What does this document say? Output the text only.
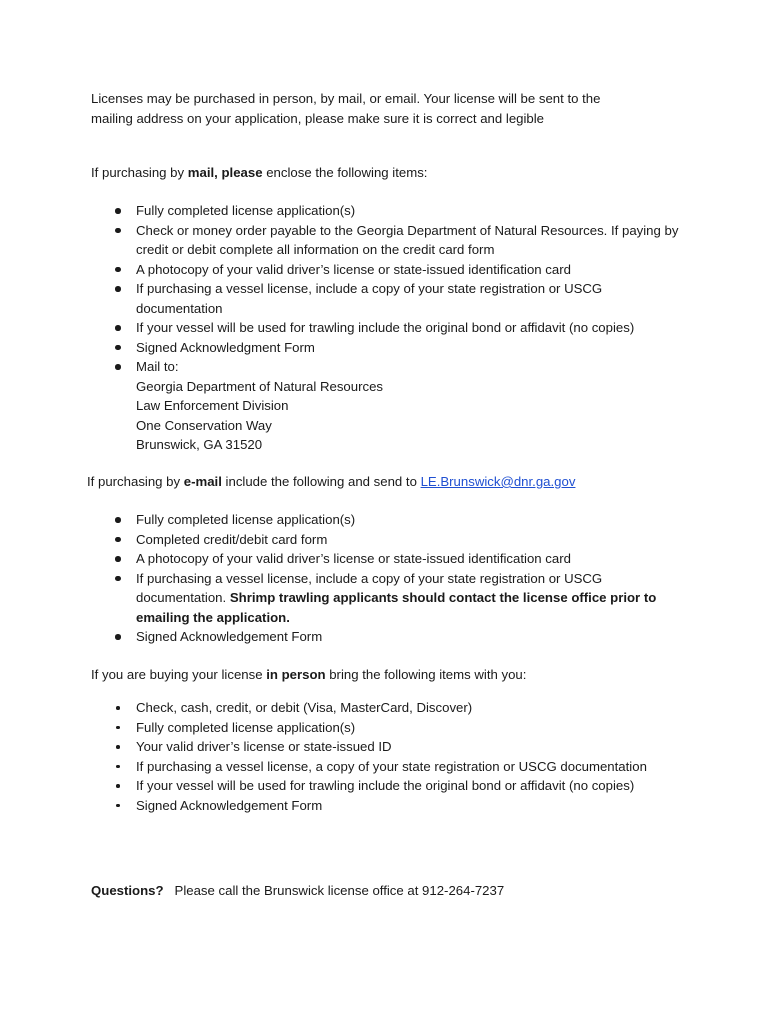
Licenses may be purchased in person, by mail, or email. Your license will be sent to the

mailing address on your application, please make sure it is correct and legible

If purchasing by mail, please enclose the following items:

Fully completed license application(s)
Check or money order payable to the Georgia Department of Natural Resources. If paying by credit or debit complete all information on the credit card form
A photocopy of your valid driver’s license or state-issued identification card
If purchasing a vessel license, include a copy of your state registration or USCG documentation
If your vessel will be used for trawling include the original bond or affidavit (no copies)
Signed Acknowledgment Form
Mail to:
Georgia Department of Natural Resources
Law Enforcement Division
One Conservation Way
Brunswick, GA 31520

If purchasing by e-mail include the following and send to LE.Brunswick@dnr.ga.gov

Fully completed license application(s)
Completed credit/debit card form
A photocopy of your valid driver’s license or state-issued identification card
If purchasing a vessel license, include a copy of your state registration or USCG documentation. Shrimp trawling applicants should contact the license office prior to emailing the application.
Signed Acknowledgement Form

If you are buying your license in person bring the following items with you:

Check, cash, credit, or debit (Visa, MasterCard, Discover)
Fully completed license application(s)
Your valid driver’s license or state-issued ID
If purchasing a vessel license, a copy of your state registration or USCG documentation
If your vessel will be used for trawling include the original bond or affidavit (no copies)
Signed Acknowledgement Form

Questions?   Please call the Brunswick license office at 912-264-7237
